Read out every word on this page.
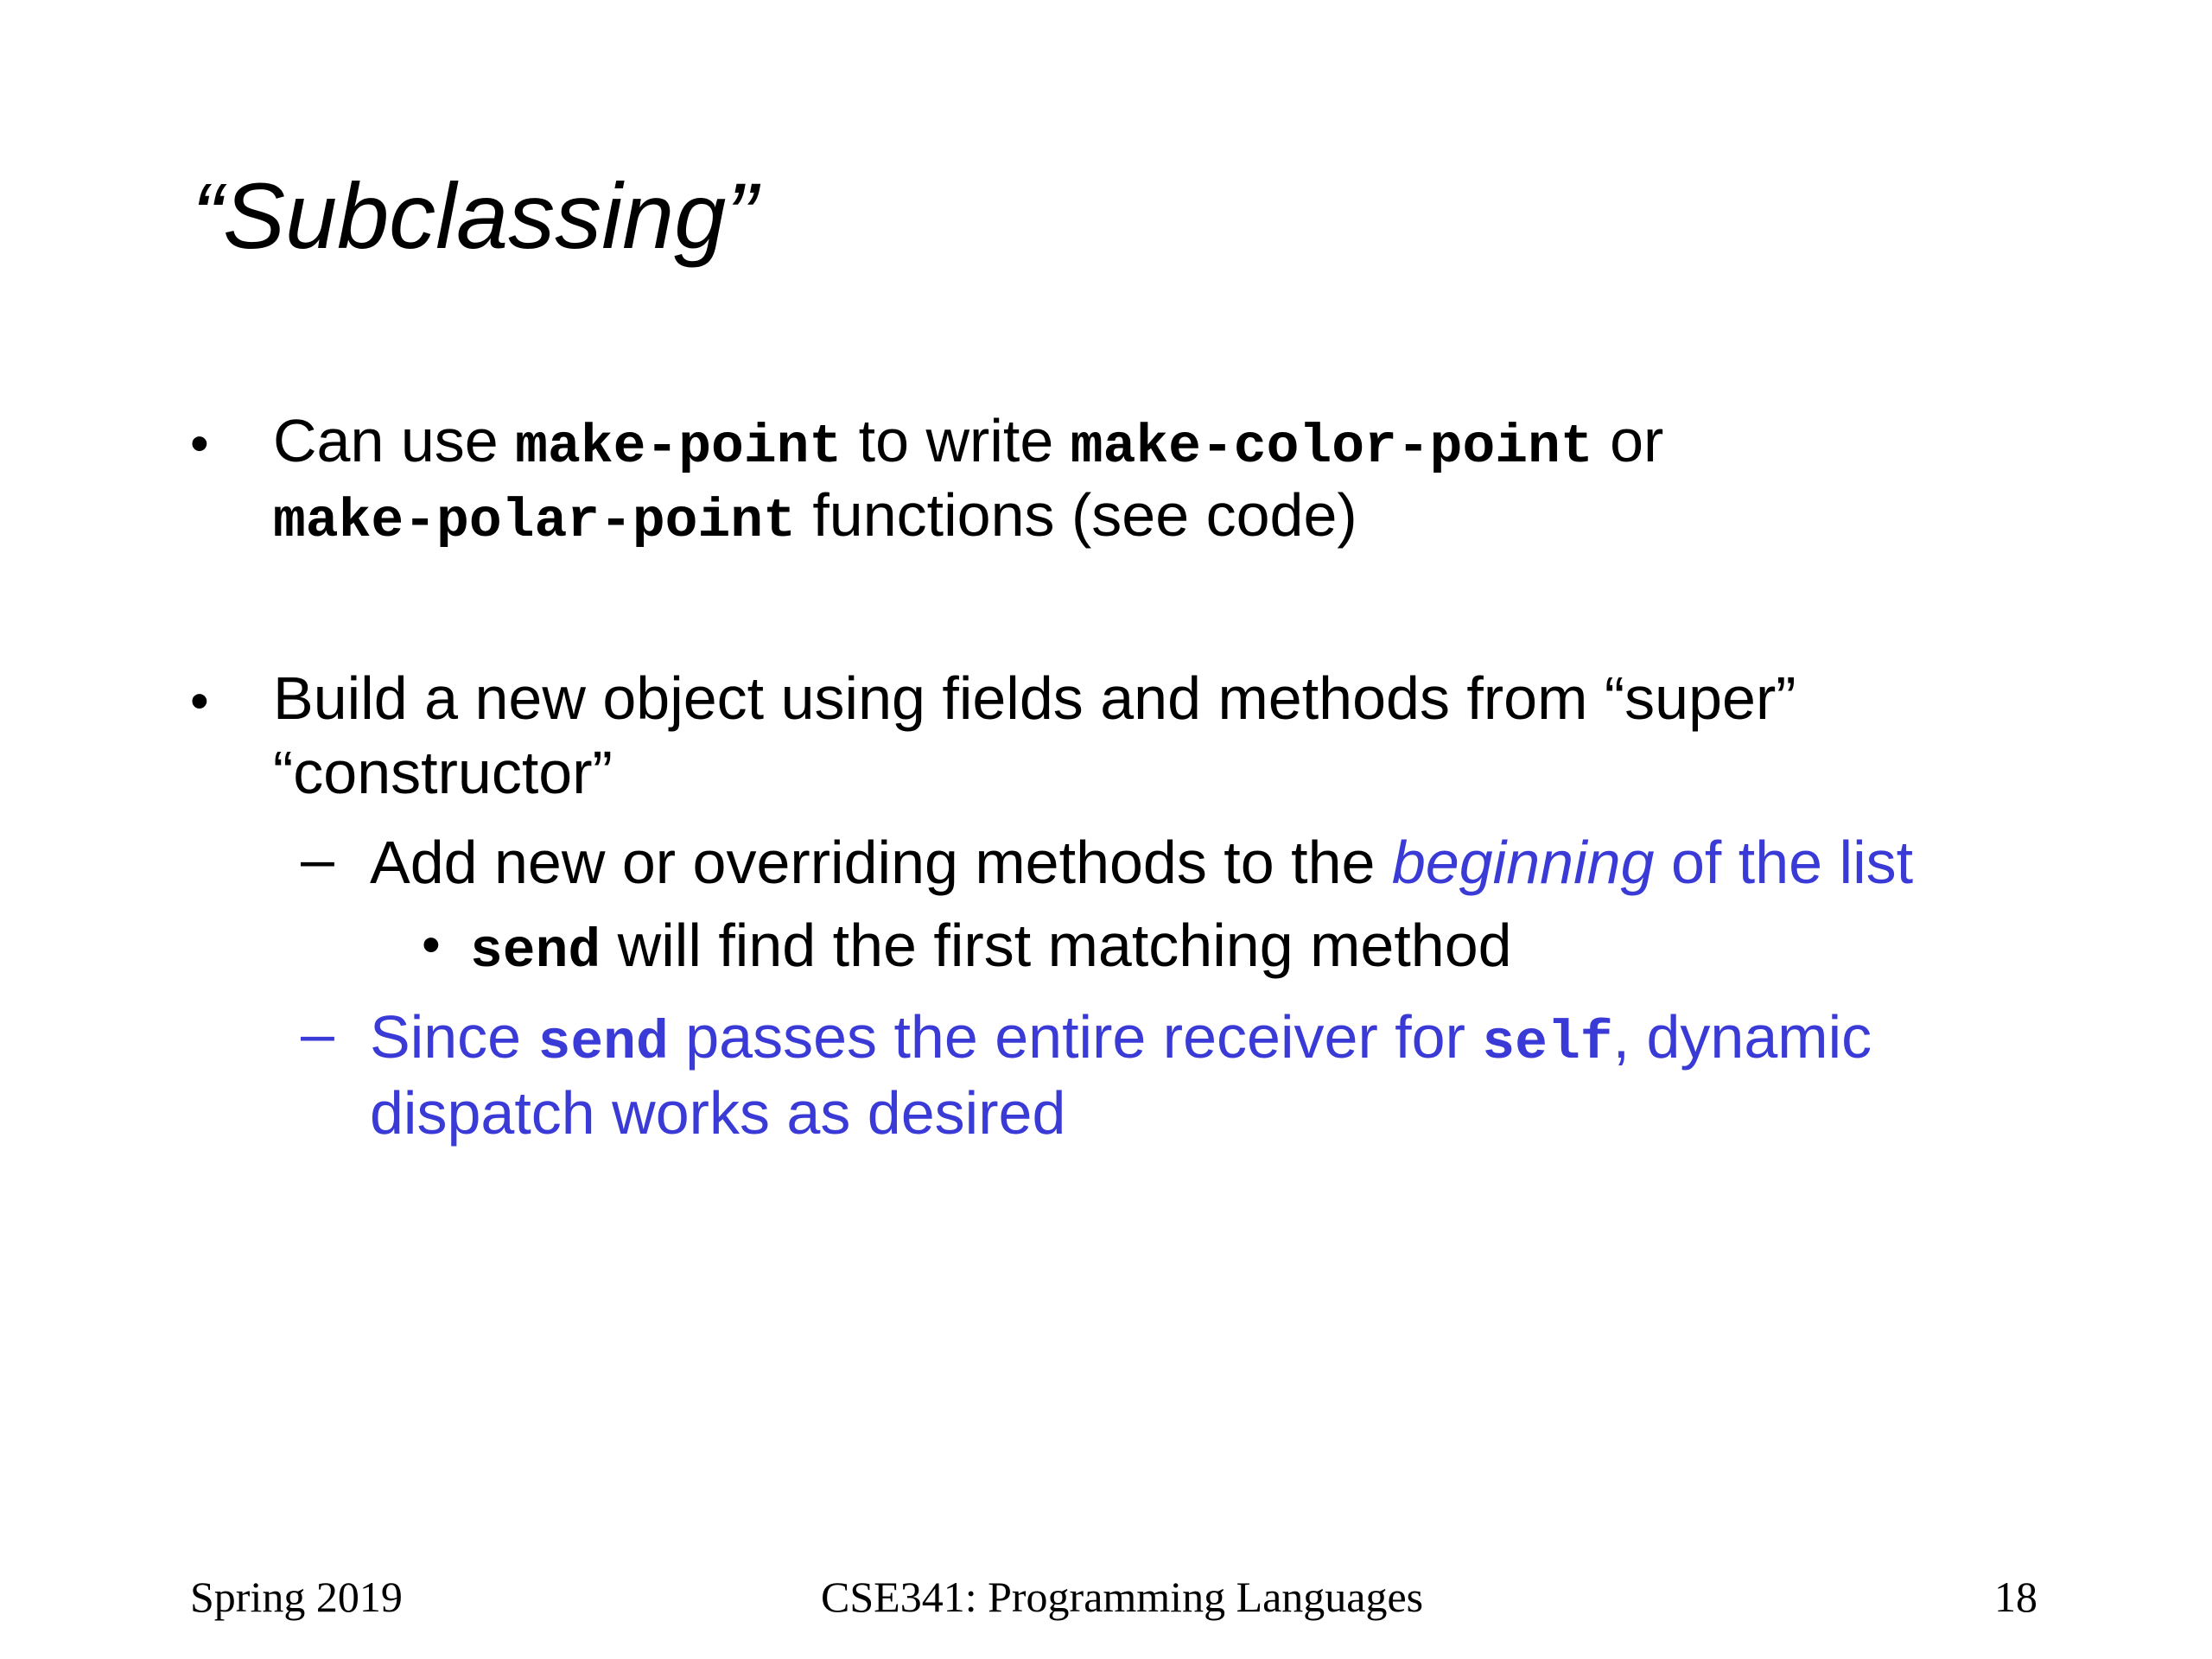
“Subclassing”
• Can use make-point to write make-color-point or
make-polar-point functions (see code)
• Build a new object using fields and methods from “super”
“constructor”
– Add new or overriding methods to the beginning of the list
• send will find the first matching method
– Since send passes the entire receiver for self, dynamic
dispatch works as desired
Spring 2019	CSE341: Programming Languages	18
